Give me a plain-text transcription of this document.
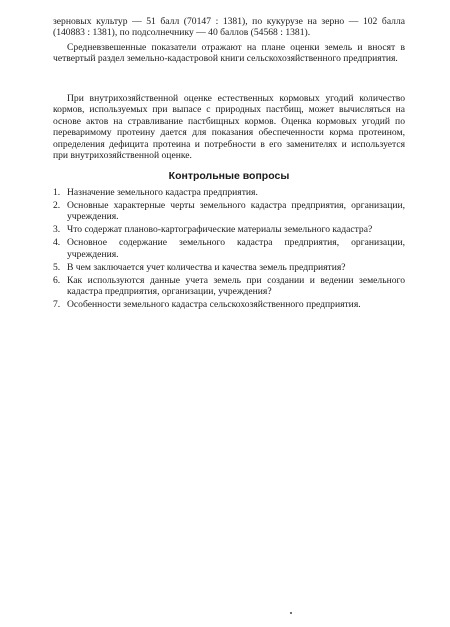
зерновых культур — 51 балл (70147 : 1381), по кукурузе на зерно — 102 балла (140883 : 1381), по подсолнечнику — 40 баллов (54568 : 1381).

Средневзвешенные показатели отражают на плане оценки земель и вносят в четвертый раздел земельно-кадастровой книги сельскохозяйственного предприятия.

При внутрихозяйственной оценке естественных кормовых угодий количество кормов, используемых при выпасе с природных пастбищ, может вычисляться на основе актов на стравливание пастбищных кормов. Оценка кормовых угодий по переваримому протеину дается для показания обеспеченности корма протеином, определения дефицита протеина и потребности в его заменителях и используется при внутрихозяйственной оценке.

Контрольные вопросы
1. Назначение земельного кадастра предприятия.
2. Основные характерные черты земельного кадастра предприятия, организации, учреждения.
3. Что содержат планово-картографические материалы земельного кадастра?
4. Основное содержание земельного кадастра предприятия, организации, учреждения.
5. В чем заключается учет количества и качества земель предприятия?
6. Как используются данные учета земель при создании и ведении земельного кадастра предприятия, организации, учреждения?
7. Особенности земельного кадастра сельскохозяйственного предприятия.
